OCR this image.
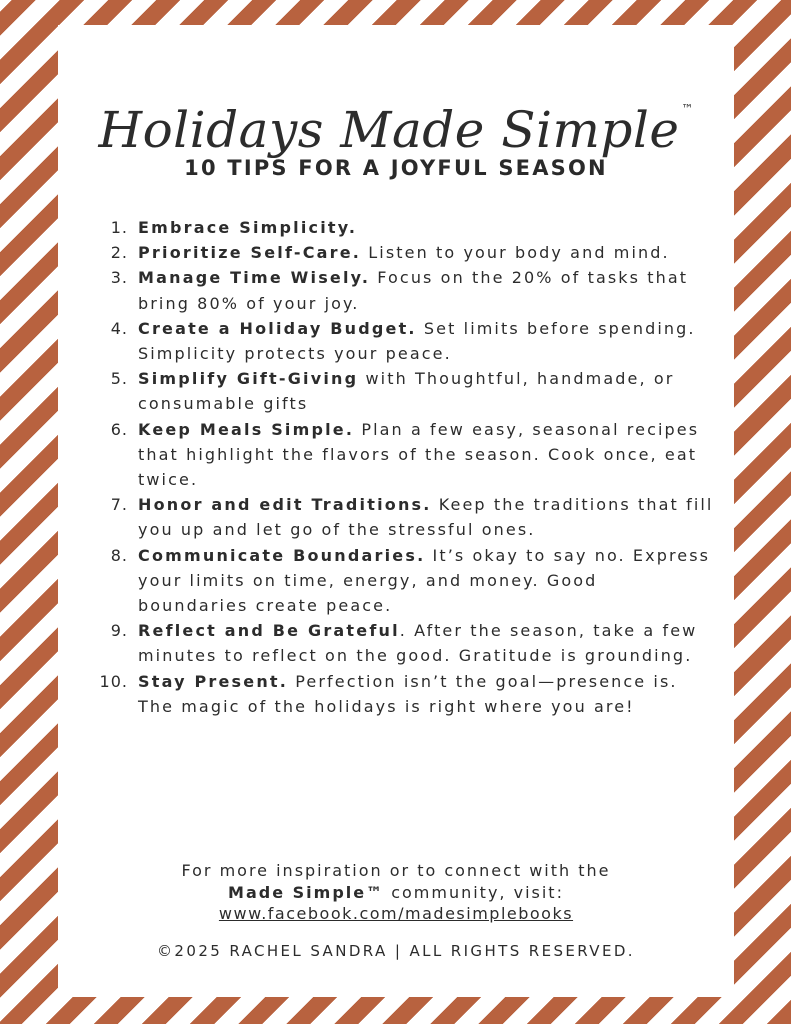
Holidays Made Simple ™
10 TIPS FOR A JOYFUL SEASON
1. Embrace Simplicity.
2. Prioritize Self-Care. Listen to your body and mind.
3. Manage Time Wisely. Focus on the 20% of tasks that bring 80% of your joy.
4. Create a Holiday Budget. Set limits before spending. Simplicity protects your peace.
5. Simplify Gift-Giving with Thoughtful, handmade, or consumable gifts
6. Keep Meals Simple. Plan a few easy, seasonal recipes that highlight the flavors of the season. Cook once, eat twice.
7. Honor and edit Traditions. Keep the traditions that fill you up and let go of the stressful ones.
8. Communicate Boundaries. It’s okay to say no. Express your limits on time, energy, and money. Good boundaries create peace.
9. Reflect and Be Grateful. After the season, take a few minutes to reflect on the good. Gratitude is grounding.
10. Stay Present. Perfection isn’t the goal—presence is. The magic of the holidays is right where you are!
For more inspiration or to connect with the
Made Simple™ community, visit:
www.facebook.com/madesimplebooks
©2025 RACHEL SANDRA | ALL RIGHTS RESERVED.
